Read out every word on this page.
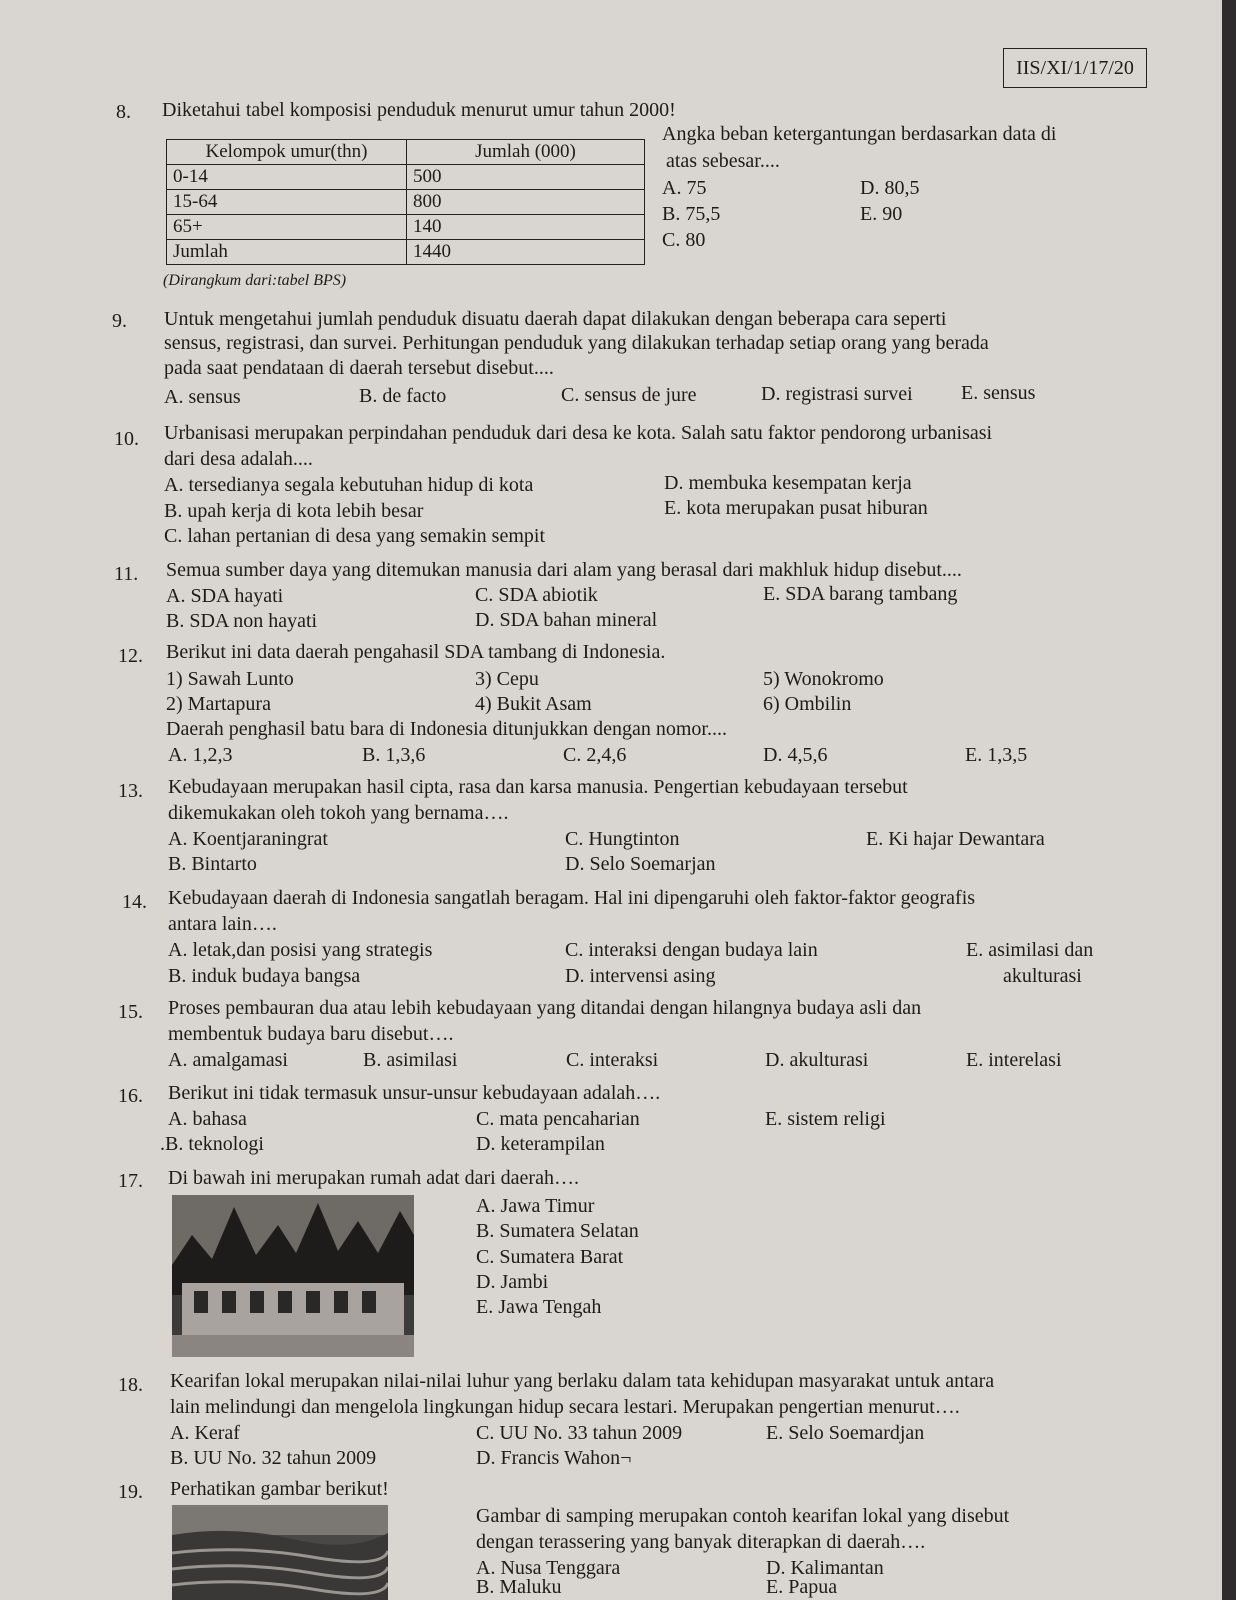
IIS/XI/1/17/20
8. Diketahui tabel komposisi penduduk menurut umur tahun 2000!
Kelompok umur(thn)	Jumlah (000)
0-14	500
15-64	800
65+	140
Jumlah	1440
(Dirangkum dari:tabel BPS)
Angka beban ketergantungan berdasarkan data di
atas sebesar....
A. 75
B. 75,5
C. 80
D. 80,5
E. 90
9. Untuk mengetahui jumlah penduduk disuatu daerah dapat dilakukan dengan beberapa cara seperti
sensus, registrasi, dan survei. Perhitungan penduduk yang dilakukan terhadap setiap orang yang berada
pada saat pendataan di daerah tersebut disebut....
A. sensus	B. de facto	C. sensus de jure	D. registrasi survei E. sensus
10. Urbanisasi merupakan perpindahan penduduk dari desa ke kota. Salah satu faktor pendorong urbanisasi
dari desa adalah....
A. tersedianya segala kebutuhan hidup di kota
B. upah kerja di kota lebih besar
C. lahan pertanian di desa yang semakin sempit
D. membuka kesempatan kerja
E. kota merupakan pusat hiburan
11. Semua sumber daya yang ditemukan manusia dari alam yang berasal dari makhluk hidup disebut....
A. SDA hayati
B. SDA non hayati
C. SDA abiotik
D. SDA bahan mineral
E. SDA barang tambang
12. Berikut ini data daerah pengahasil SDA tambang di Indonesia.
1) Sawah Lunto
2) Martapura
3) Cepu
4) Bukit Asam
5) Wonokromo
6) Ombilin
Daerah penghasil batu bara di Indonesia ditunjukkan dengan nomor....
A. 1,2,3	B. 1,3,6	C. 2,4,6	D. 4,5,6	E. 1,3,5
13. Kebudayaan merupakan hasil cipta, rasa dan karsa manusia. Pengertian kebudayaan tersebut
dikemukakan oleh tokoh yang bernama….
A. Koentjaraningrat
B. Bintarto
C. Hungtinton
D. Selo Soemarjan
E. Ki hajar Dewantara
14. Kebudayaan daerah di Indonesia sangatlah beragam. Hal ini dipengaruhi oleh faktor-faktor geografis
antara lain….
A. letak,dan posisi yang strategis
B. induk budaya bangsa
C. interaksi dengan budaya lain
D. intervensi asing
E. asimilasi dan
akulturasi
15. Proses pembauran dua atau lebih kebudayaan yang ditandai dengan hilangnya budaya asli dan
membentuk budaya baru disebut….
A. amalgamasi	B. asimilasi	C. interaksi	D. akulturasi	E. interelasi
16. Berikut ini tidak termasuk unsur-unsur kebudayaan adalah….
A. bahasa
.B. teknologi
C. mata pencaharian
D. keterampilan
E. sistem religi
17. Di bawah ini merupakan rumah adat dari daerah….
A. Jawa Timur
B. Sumatera Selatan
C. Sumatera Barat
D. Jambi
E. Jawa Tengah
18. Kearifan lokal merupakan nilai-nilai luhur yang berlaku dalam tata kehidupan masyarakat untuk antara
lain melindungi dan mengelola lingkungan hidup secara lestari. Merupakan pengertian menurut….
A. Keraf
B. UU No. 32 tahun 2009
C. UU No. 33 tahun 2009
D. Francis Wahon¬
E. Selo Soemardjan
19. Perhatikan gambar berikut!
Gambar di samping merupakan contoh kearifan lokal yang disebut
dengan terassering yang banyak diterapkan di daerah….
A. Nusa Tenggara
B. Maluku
D. Kalimantan
E. Papua
